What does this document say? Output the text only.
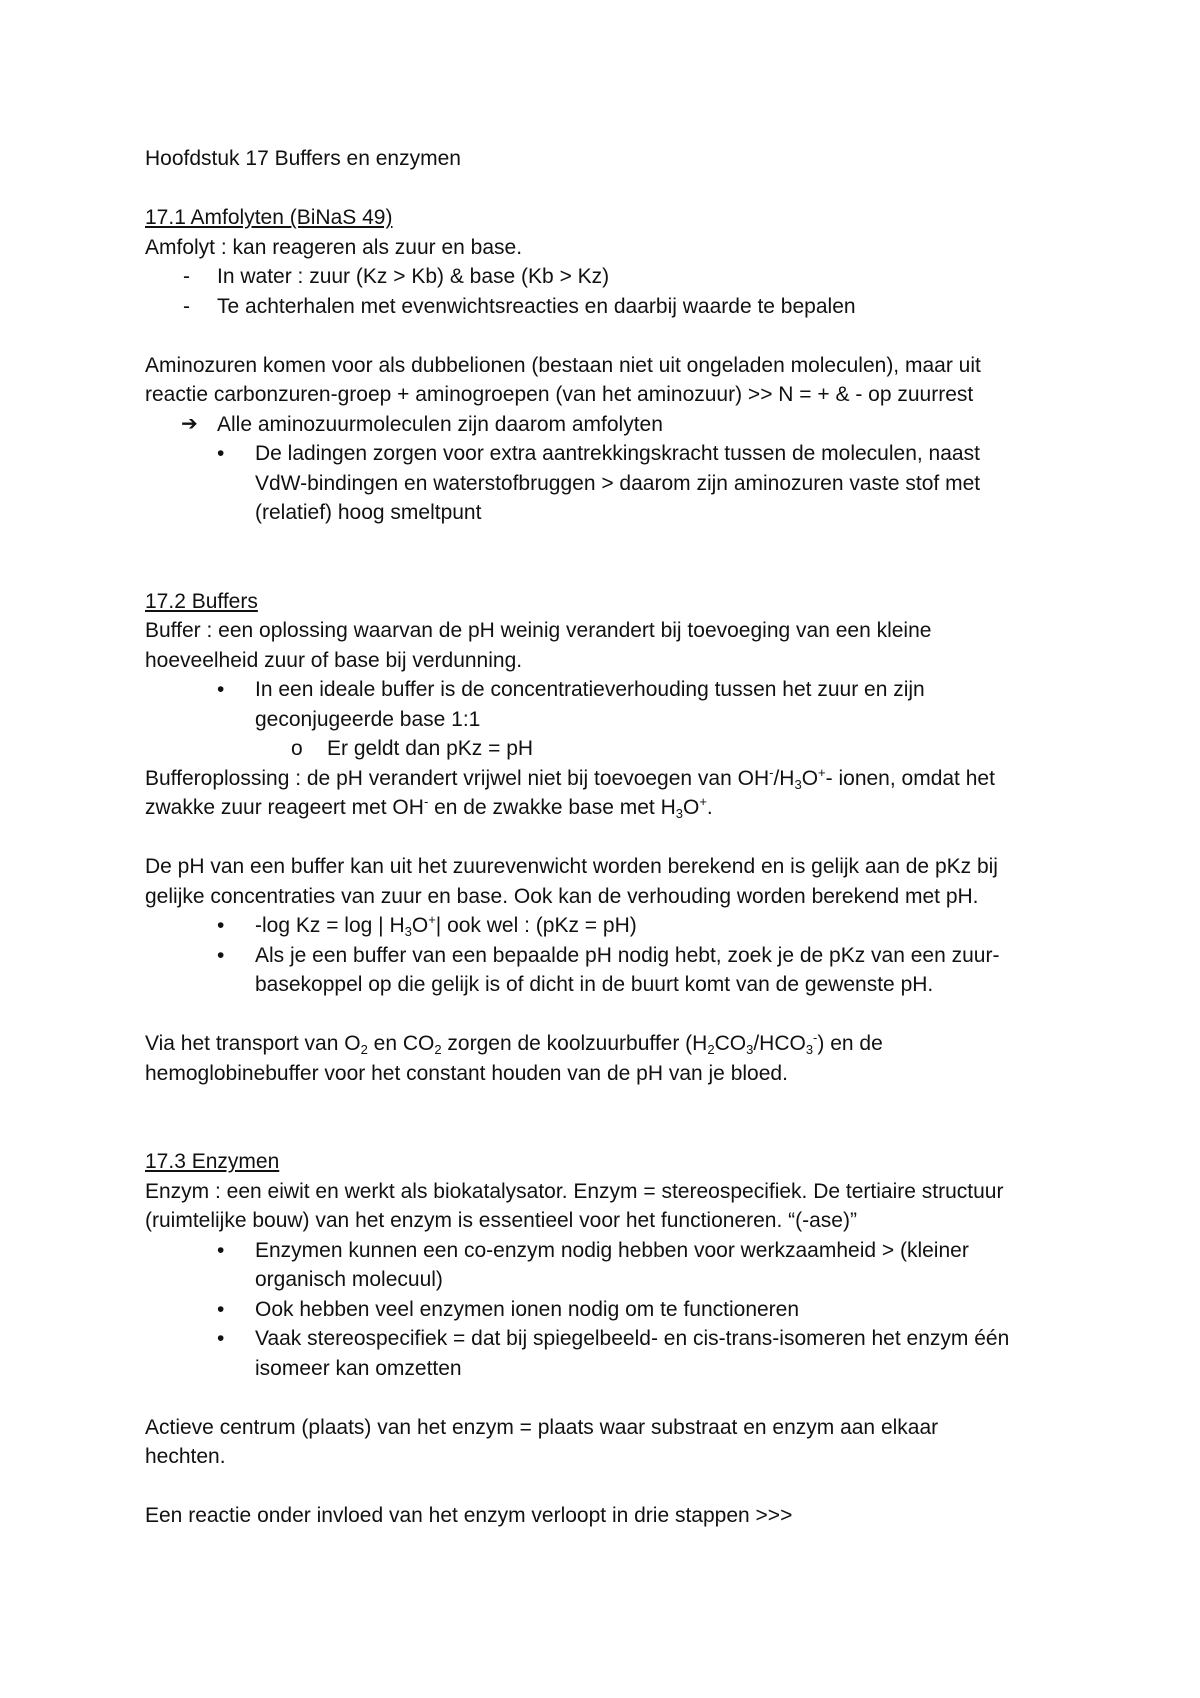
Hoofdstuk 17 Buffers en enzymen
17.1 Amfolyten (BiNaS 49)
Amfolyt : kan reageren als zuur en base.
- In water : zuur (Kz > Kb) & base (Kb > Kz)
- Te achterhalen met evenwichtsreacties en daarbij waarde te bepalen
Aminozuren komen voor als dubbelionen (bestaan niet uit ongeladen moleculen), maar uit
reactie carbonzuren-groep + aminogroepen (van het aminozuur) >> N = + & - op zuurrest
➔ Alle aminozuurmoleculen zijn daarom amfolyten
• De ladingen zorgen voor extra aantrekkingskracht tussen de moleculen, naast
VdW-bindingen en waterstofbruggen > daarom zijn aminozuren vaste stof met
(relatief) hoog smeltpunt
17.2 Buffers
Buffer : een oplossing waarvan de pH weinig verandert bij toevoeging van een kleine
hoeveelheid zuur of base bij verdunning.
• In een ideale buffer is de concentratieverhouding tussen het zuur en zijn
geconjugeerde base 1:1
o Er geldt dan pKz = pH
Bufferoplossing : de pH verandert vrijwel niet bij toevoegen van $OH^-/H_3O^+-$ ionen, omdat het
zwakke zuur reageert met OH- en de zwakke base met $H_3O^+$.
De pH van een buffer kan uit het zuurevenwicht worden berekend en is gelijk aan de pKz bij
gelijke concentraties van zuur en base. Ook kan de verhouding worden berekend met pH.
• -log Kz = log | $H_3O^+|$ ook wel : (pKz = pH)
• Als je een buffer van een bepaalde pH nodig hebt, zoek je de pKz van een zuur-
basekoppel op die gelijk is of dicht in de buurt komt van de gewenste pH.
Via het transport van $O_2$ en $CO_2$ zorgen de koolzuurbuffer $(H_2CO_3/HCO_3^-)$ en de
hemoglobinebuffer voor het constant houden van de pH van je bloed.
17.3 Enzymen
Enzym : een eiwit en werkt als biokatalysator. Enzym = stereospecifiek. De tertiaire structuur
(ruimtelijke bouw) van het enzym is essentieel voor het functioneren. “(-ase)”
• Enzymen kunnen een co-enzym nodig hebben voor werkzaamheid > (kleiner
organisch molecuul)
• Ook hebben veel enzymen ionen nodig om te functioneren
• Vaak stereospecifiek = dat bij spiegelbeeld- en cis-trans-isomeren het enzym één
isomeer kan omzetten
Actieve centrum (plaats) van het enzym = plaats waar substraat en enzym aan elkaar
hechten.
Een reactie onder invloed van het enzym verloopt in drie stappen >>>
